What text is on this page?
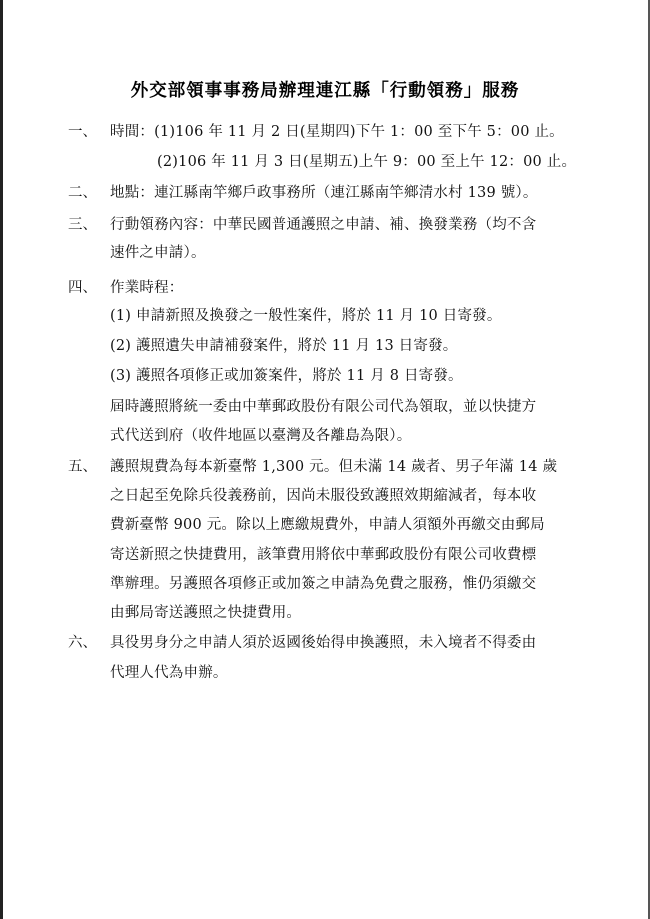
外交部領事事務局辦理連江縣「行動領務」服務
一、 時間：(1)106 年 11 月 2 日(星期四)下午 1：00 至下午 5：00 止。
(2)106 年 11 月 3 日(星期五)上午 9：00 至上午 12：00 止。
二、 地點：連江縣南竿鄉戶政事務所（連江縣南竿鄉清水村 139 號）。
三、 行動領務內容：中華民國普通護照之申請、補、換發業務（均不含
速件之申請）。
四、 作業時程：
(1) 申請新照及換發之一般性案件，將於 11 月 10 日寄發。
(2) 護照遺失申請補發案件，將於 11 月 13 日寄發。
(3) 護照各項修正或加簽案件，將於 11 月 8 日寄發。
屆時護照將統一委由中華郵政股份有限公司代為領取，並以快捷方
式代送到府（收件地區以臺灣及各離島為限）。
五、 護照規費為每本新臺幣 1,300 元。但未滿 14 歲者、男子年滿 14 歲
之日起至免除兵役義務前，因尚未服役致護照效期縮減者，每本收
費新臺幣 900 元。除以上應繳規費外，申請人須額外再繳交由郵局
寄送新照之快捷費用，該筆費用將依中華郵政股份有限公司收費標
準辦理。另護照各項修正或加簽之申請為免費之服務，惟仍須繳交
由郵局寄送護照之快捷費用。
六、 具役男身分之申請人須於返國後始得申換護照，未入境者不得委由
代理人代為申辦。
